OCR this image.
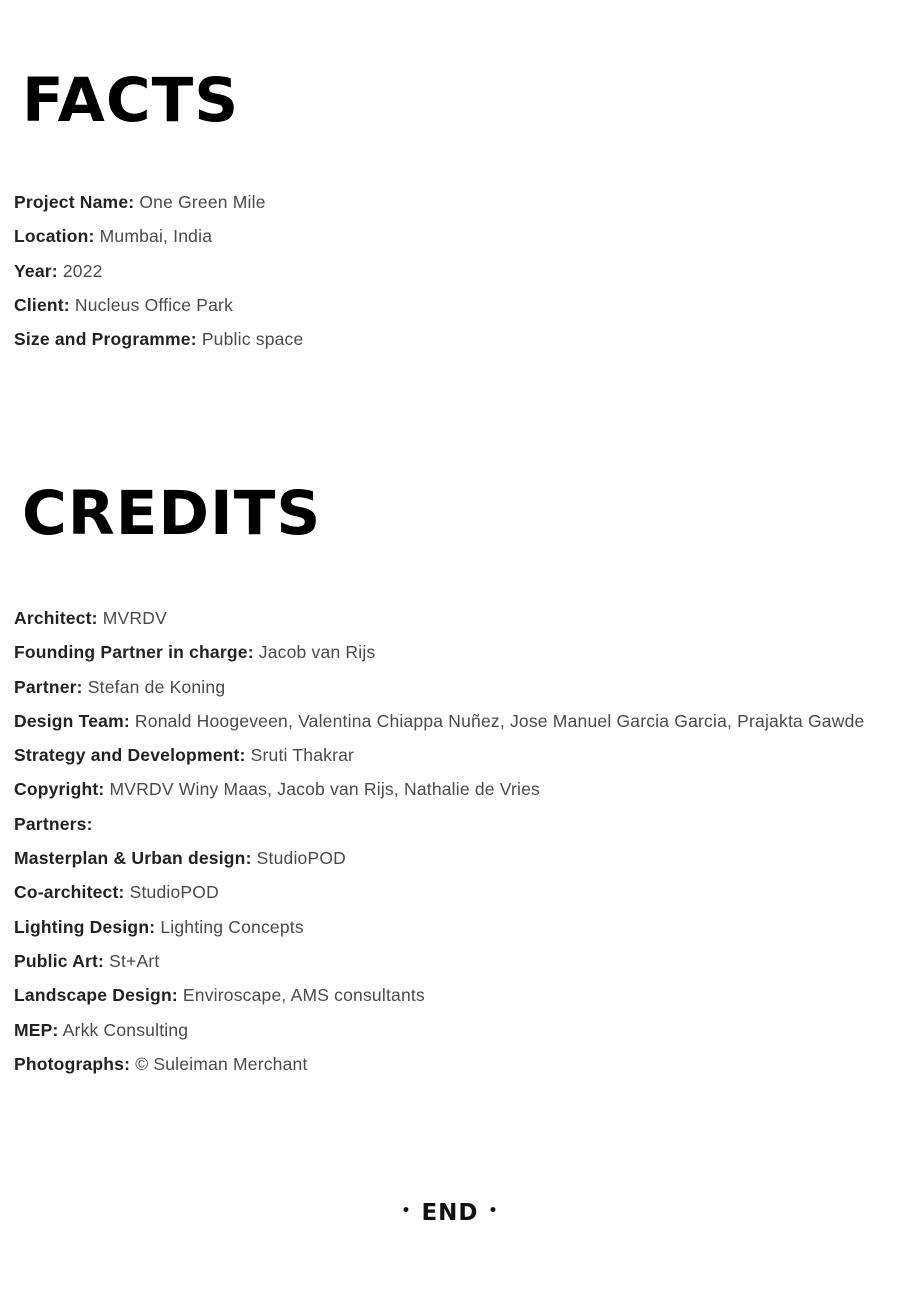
FACTS
Project Name: One Green Mile
Location: Mumbai, India
Year: 2022
Client: Nucleus Office Park
Size and Programme: Public space
CREDITS
Architect: MVRDV
Founding Partner in charge: Jacob van Rijs
Partner: Stefan de Koning
Design Team: Ronald Hoogeveen, Valentina Chiappa Nuñez, Jose Manuel Garcia Garcia, Prajakta Gawde
Strategy and Development: Sruti Thakrar
Copyright: MVRDV Winy Maas, Jacob van Rijs, Nathalie de Vries
Partners:
Masterplan & Urban design: StudioPOD
Co-architect: StudioPOD
Lighting Design: Lighting Concepts
Public Art: St+Art
Landscape Design: Enviroscape, AMS consultants
MEP: Arkk Consulting
Photographs: © Suleiman Merchant
• END •
